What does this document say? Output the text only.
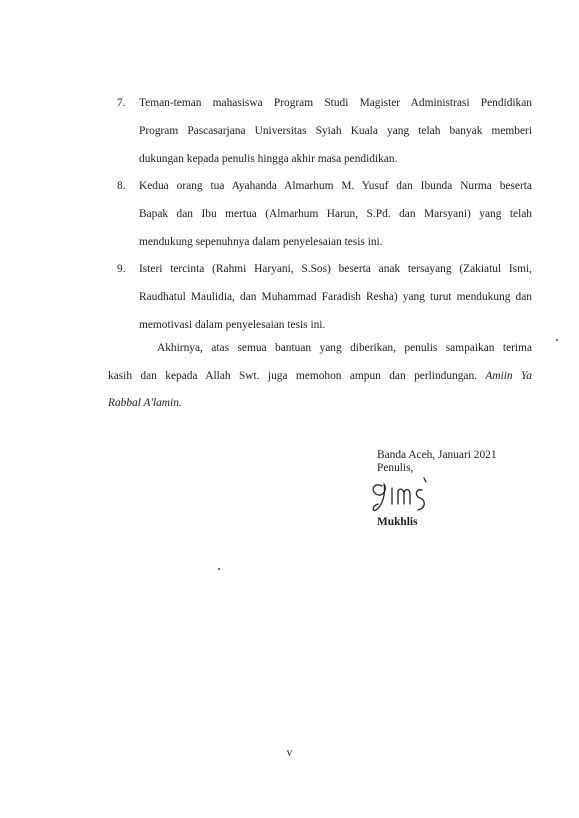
7. Teman-teman mahasiswa Program Studi Magister Administrasi Pendidikan
Program Pascasarjana Universitas Syiah Kuala yang telah banyak memberi
dukungan kepada penulis hingga akhir masa pendidikan.
8. Kedua orang tua Ayahanda Almarhum M. Yusuf dan Ibunda Nurma beserta
Bapak dan Ibu mertua (Almarhum Harun, S.Pd. dan Marsyani) yang telah
mendukung sepenuhnya dalam penyelesaian tesis ini.
9. Isteri tercinta (Rahmi Haryani, S.Sos) beserta anak tersayang (Zakiatul Ismi,
Raudhatul Maulidia, dan Muhammad Faradish Resha) yang turut mendukung dan
memotivasi dalam penyelesaian tesis ini.
Akhirnya, atas semua bantuan yang diberikan, penulis sampaikan terima
kasih dan kepada Allah Swt. juga memohon ampun dan perlindungan. Amiin Ya
Rabbal A'lamin.
Banda Aceh, Januari 2021
Penulis,
Mukhlis
v
